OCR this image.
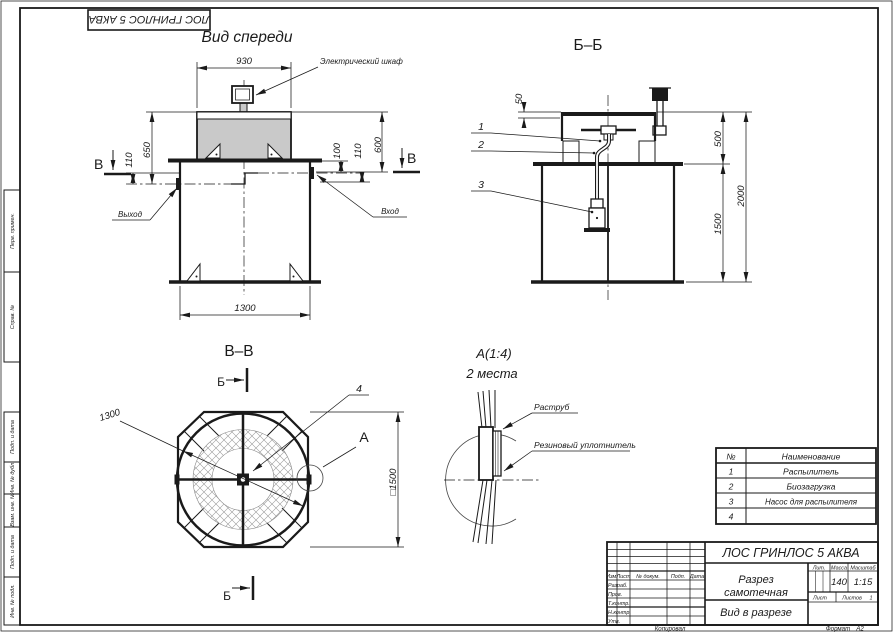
Перв. примен.
Справ. №
Подп. и дата
Инв. № дубл.
Взам. инв. №
Подп. и дата
Инв. № подл.
ЛОС ГРИНЛОС 5 АКВА
Вид спереди
930	Электрический шкаф
650
110
В	В
100 110 600
Выход	Вход
1300
Б–Б
50
1
2
3
500
1500
2000
В–В
Б
Б
1300
4
А
□1500
А(1:4)
2 места
Раструб
Резиновый уплотнитель
№	Наименование
1	Распылитель
2	Биозагрузка
3	Насос для распылителя
4
Изм.
Лист № докум. Подп. Дата
Разраб.
Пров.
Т.контр.
Н.контр.
Утв.
ЛОС ГРИНЛОС 5 АКВА
Разрез
самотечная
Вид в разрезе
Лит. Масса Масштаб
140 1:15
Лист	Листов 1
Копировал	Формат А2
